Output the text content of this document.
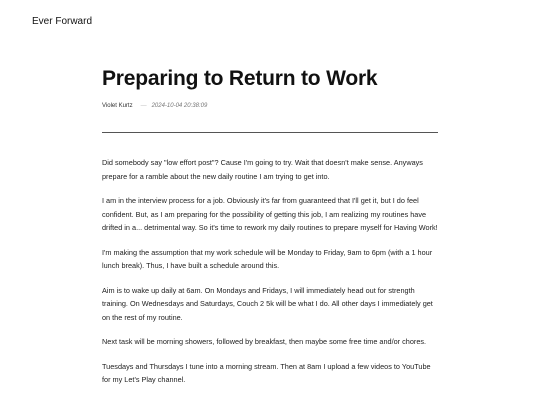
Ever Forward
Preparing to Return to Work
Violet Kurtz — 2024-10-04 20:38:09

Did somebody say "low effort post"? Cause I'm going to try. Wait that doesn't make sense. Anyways prepare for a ramble about the new daily routine I am trying to get into.

I am in the interview process for a job. Obviously it's far from guaranteed that I'll get it, but I do feel confident. But, as I am preparing for the possibility of getting this job, I am realizing my routines have drifted in a... detrimental way. So it's time to rework my daily routines to prepare myself for Having Work!

I'm making the assumption that my work schedule will be Monday to Friday, 9am to 6pm (with a 1 hour lunch break). Thus, I have built a schedule around this.

Aim is to wake up daily at 6am. On Mondays and Fridays, I will immediately head out for strength training. On Wednesdays and Saturdays, Couch 2 5k will be what I do. All other days I immediately get on the rest of my routine.

Next task will be morning showers, followed by breakfast, then maybe some free time and/or chores.

Tuesdays and Thursdays I tune into a morning stream. Then at 8am I upload a few videos to YouTube for my Let's Play channel.
